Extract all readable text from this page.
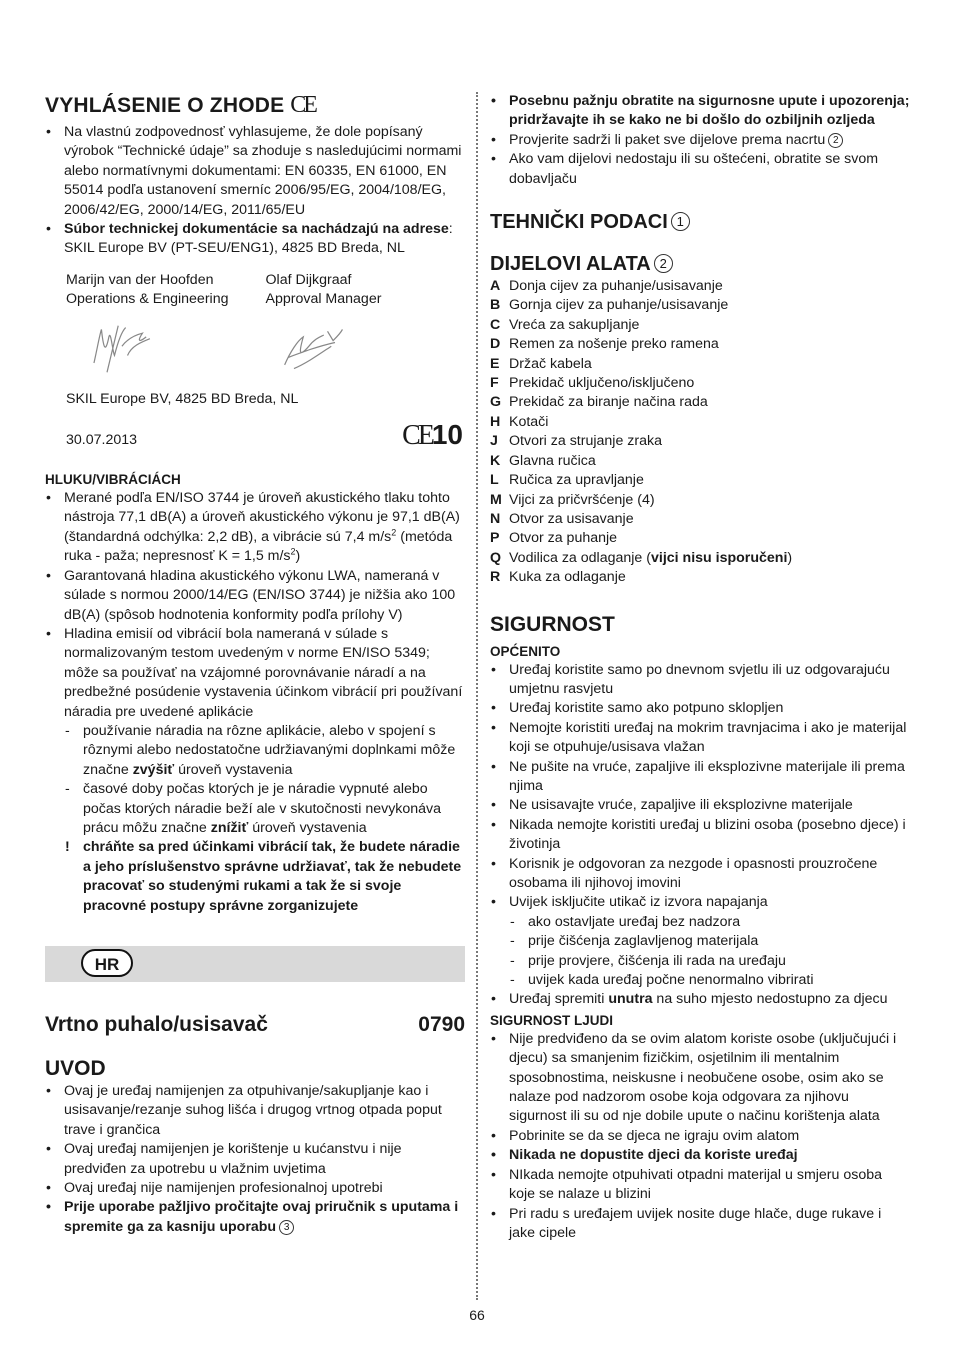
VYHLÁSENIE O ZHODE CE
• Na vlastnú zodpovednosť vyhlasujeme, že dole popísaný výrobok “Technické údaje” sa zhoduje s nasledujúcimi normami alebo normatívnymi dokumentami: EN 60335, EN 61000, EN 55014 podľa ustanovení smerníc 2006/95/EG, 2004/108/EG, 2006/42/EG, 2000/14/EG, 2011/65/EU
• Súbor technickej dokumentácie sa nachádzajú na adrese: SKIL Europe BV (PT-SEU/ENG1), 4825 BD Breda, NL
Marijn van der Hoofden
Operations & Engineering
Olaf Dijkgraaf
Approval Manager
SKIL Europe BV, 4825 BD Breda, NL
30.07.2013	CE10
HLUKU/VIBRÁCIÁCH
• Merané podľa EN/ISO 3744 je úroveň akustického tlaku tohto nástroja 77,1 dB(A) a úroveň akustického výkonu je 97,1 dB(A) (štandardná odchýlka: 2,2 dB), a vibrácie sú 7,4 $m/s^2$ (metóda ruka - paža; nepresnosť K = 1,5 $m/s^2$)
• Garantovaná hladina akustického výkonu LWA, nameraná v súlade s normou 2000/14/EG (EN/ISO 3744) je nižšia ako 100 dB(A) (spôsob hodnotenia konformity podľa prílohy V)
• Hladina emisií od vibrácií bola nameraná v súlade s normalizovaným testom uvedeným v norme EN/ISO 5349; môže sa používať na vzájomné porovnávanie náradí a na predbežné posúdenie vystavenia účinkom vibrácií pri používaní náradia pre uvedené aplikácie
- používanie náradia na rôzne aplikácie, alebo v spojení s rôznymi alebo nedostatočne udržiavanými doplnkami môže značne zvýšiť úroveň vystavenia
- časové doby počas ktorých je je náradie vypnuté alebo počas ktorých náradie beží ale v skutočnosti nevykonáva prácu môžu značne znížiť úroveň vystavenia
! chráňte sa pred účinkami vibrácií tak, že budete náradie a jeho príslušenstvo správne udržiavať, tak že nebudete pracovať so studenými rukami a tak že si svoje pracovné postupy správne zorganizujete
HR
Vrtno puhalo/usisavač	0790
UVOD
• Ovaj je uređaj namijenjen za otpuhivanje/sakupljanje kao i usisavanje/rezanje suhog lišća i drugog vrtnog otpada poput trave i grančica
• Ovaj uređaj namijenjen je korištenje u kućanstvu i nije predviđen za upotrebu u vlažnim uvjetima
• Ovaj uređaj nije namijenjen profesionalnoj upotrebi
• Prije uporabe pažljivo pročitajte ovaj priručnik s uputama i spremite ga za kasniju uporabu 3
• Posebnu pažnju obratite na sigurnosne upute i upozorenja; pridržavajte ih se kako ne bi došlo do ozbiljnih ozljeda
• Provjerite sadrži li paket sve dijelove prema nacrtu 2
• Ako vam dijelovi nedostaju ili su oštećeni, obratite se svom dobavljaču
TEHNIČKI PODACI 1
DIJELOVI ALATA 2
A Donja cijev za puhanje/usisavanje
B Gornja cijev za puhanje/usisavanje
C Vreća za sakupljanje
D Remen za nošenje preko ramena
E Držač kabela
F Prekidač uključeno/isključeno
G Prekidač za biranje načina rada
H Kotači
J Otvori za strujanje zraka
K Glavna ručica
L Ručica za upravljanje
M Vijci za pričvršćenje (4)
N Otvor za usisavanje
P Otvor za puhanje
Q Vodilica za odlaganje (vijci nisu isporučeni)
R Kuka za odlaganje
SIGURNOST
OPĆENITO
• Uređaj koristite samo po dnevnom svjetlu ili uz odgovarajuću umjetnu rasvjetu
• Uređaj koristite samo ako potpuno sklopljen
• Nemojte koristiti uređaj na mokrim travnjacima i ako je materijal koji se otpuhuje/usisava vlažan
• Ne pušite na vruće, zapaljive ili eksplozivne materijale ili prema njima
• Ne usisavajte vruće, zapaljive ili eksplozivne materijale
• Nikada nemojte koristiti uređaj u blizini osoba (posebno djece) i životinja
• Korisnik je odgovoran za nezgode i opasnosti prouzročene osobama ili njihovoj imovini
• Uvijek isključite utikač iz izvora napajanja
- ako ostavljate uređaj bez nadzora
- prije čišćenja zaglavljenog materijala
- prije provjere, čišćenja ili rada na uređaju
- uvijek kada uređaj počne nenormalno vibrirati
• Uređaj spremiti unutra na suho mjesto nedostupno za djecu
SIGURNOST LJUDI
• Nije predviđeno da se ovim alatom koriste osobe (uključujući i djecu) sa smanjenim fizičkim, osjetilnim ili mentalnim sposobnostima, neiskusne i neobučene osobe, osim ako se nalaze pod nadzorom osobe koja odgovara za njihovu sigurnost ili su od nje dobile upute o načinu korištenja alata
• Pobrinite se da se djeca ne igraju ovim alatom
• Nikada ne dopustite djeci da koriste uređaj
• NIkada nemojte otpuhivati otpadni materijal u smjeru osoba koje se nalaze u blizini
• Pri radu s uređajem uvijek nosite duge hlače, duge rukave i jake cipele
66
